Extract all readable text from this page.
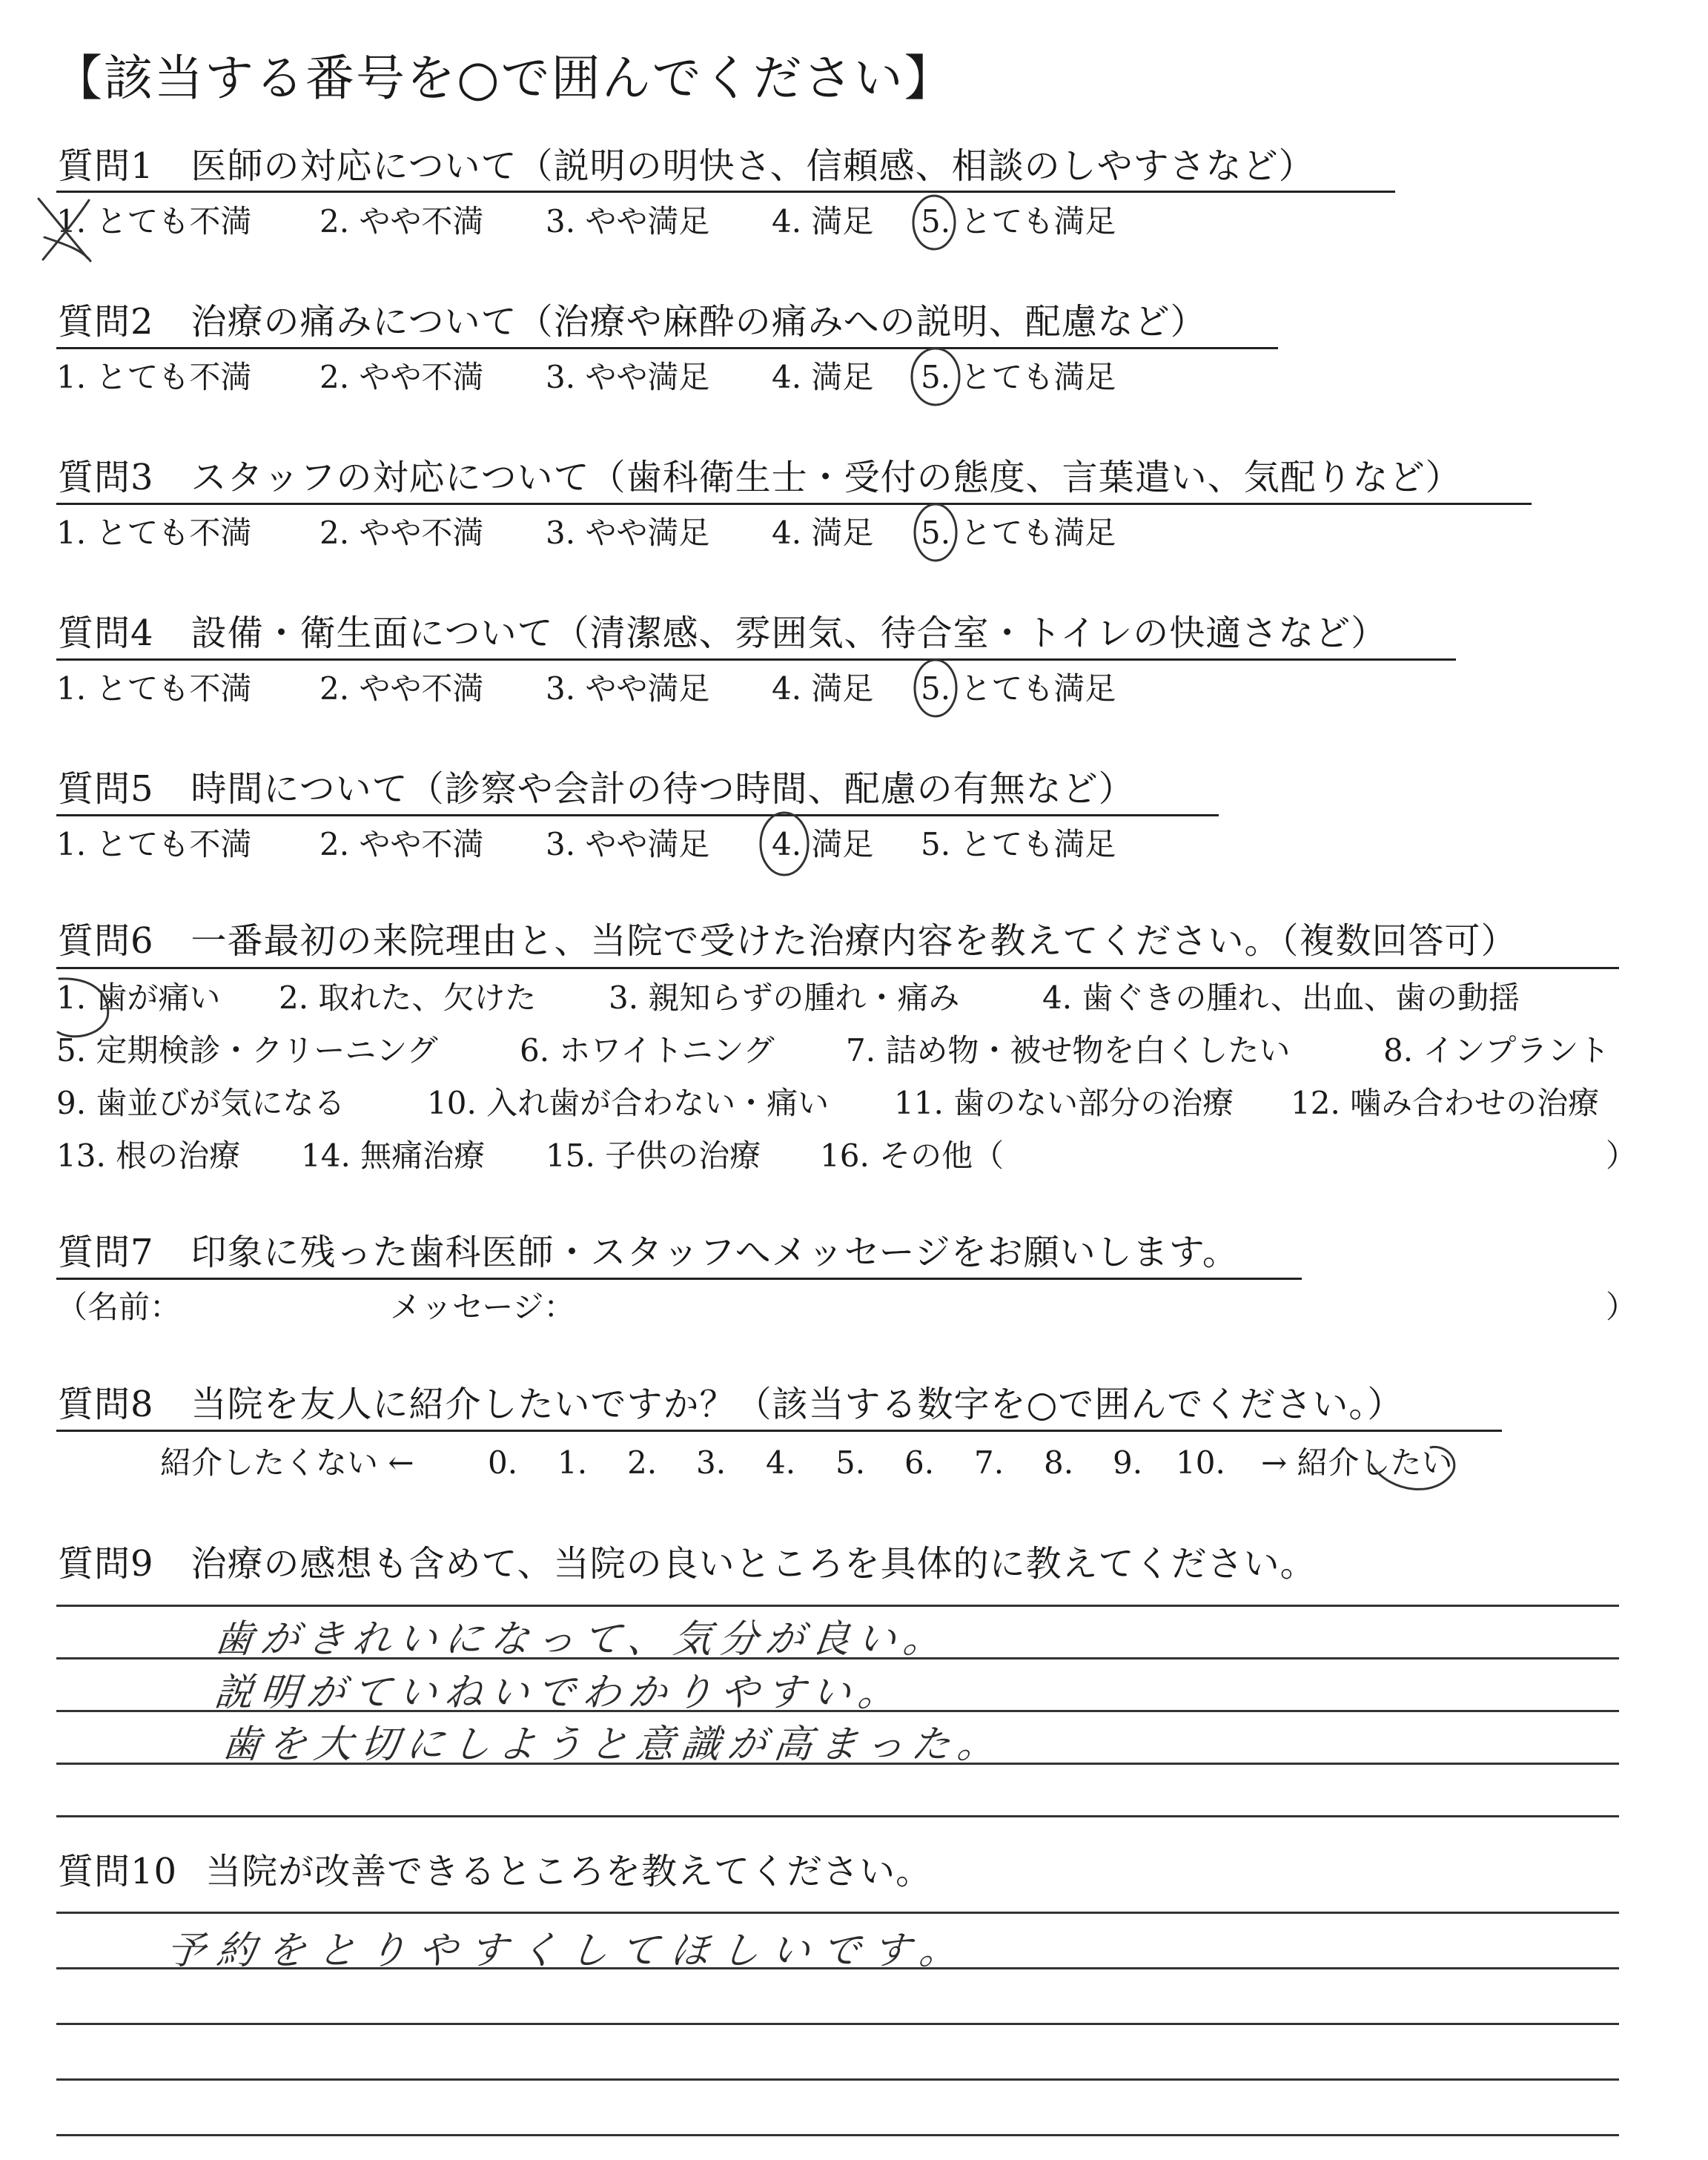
【該当する番号を○で囲んでください】
質問1 医師の対応について（説明の明快さ、信頼感、相談のしやすさなど）
1. とても不満 2. やや不満 3. やや満足 4. 満足 5. とても満足
質問2 治療の痛みについて（治療や麻酔の痛みへの説明、配慮など）
1. とても不満 2. やや不満 3. やや満足 4. 満足 5. とても満足
質問3 スタッフの対応について（歯科衛生士・受付の態度、言葉遣い、気配りなど）
1. とても不満 2. やや不満 3. やや満足 4. 満足 5. とても満足
質問4 設備・衛生面について（清潔感、雰囲気、待合室・トイレの快適さなど）
1. とても不満 2. やや不満 3. やや満足 4. 満足 5. とても満足
質問5 時間について（診察や会計の待つ時間、配慮の有無など）
1. とても不満 2. やや不満 3. やや満足 4. 満足 5. とても満足
質問6 一番最初の来院理由と、当院で受けた治療内容を教えてください。（複数回答可）
1. 歯が痛い 2. 取れた、欠けた 3. 親知らずの腫れ・痛み	4. 歯ぐきの腫れ、出血、歯の動揺
5. 定期検診・クリーニング	6. ホワイトニング 7. 詰め物・被せ物を白くしたい	8. インプラント
9. 歯並びが気になる	10. 入れ歯が合わない・痛い 11. 歯のない部分の治療 12. 噛み合わせの治療
13. 根の治療 14. 無痛治療 15. 子供の治療 16. その他（	）
質問7 印象に残った歯科医師・スタッフへメッセージをお願いします。
（名前：	メッセージ：	）
質問8 当院を友人に紹介したいですか？（該当する数字を○で囲んでください。）
紹介したくない ← 0. 1. 2. 3. 4. 5. 6. 7. 8. 9. 10. → 紹介したい
質問9 治療の感想も含めて、当院の良いところを具体的に教えてください。
歯がきれいになって、気分が良い。
説明がていねいでわかりやすい。
歯を大切にしようと意識が高まった。
質問10 当院が改善できるところを教えてください。
予約をとりやすくしてほしいです。
